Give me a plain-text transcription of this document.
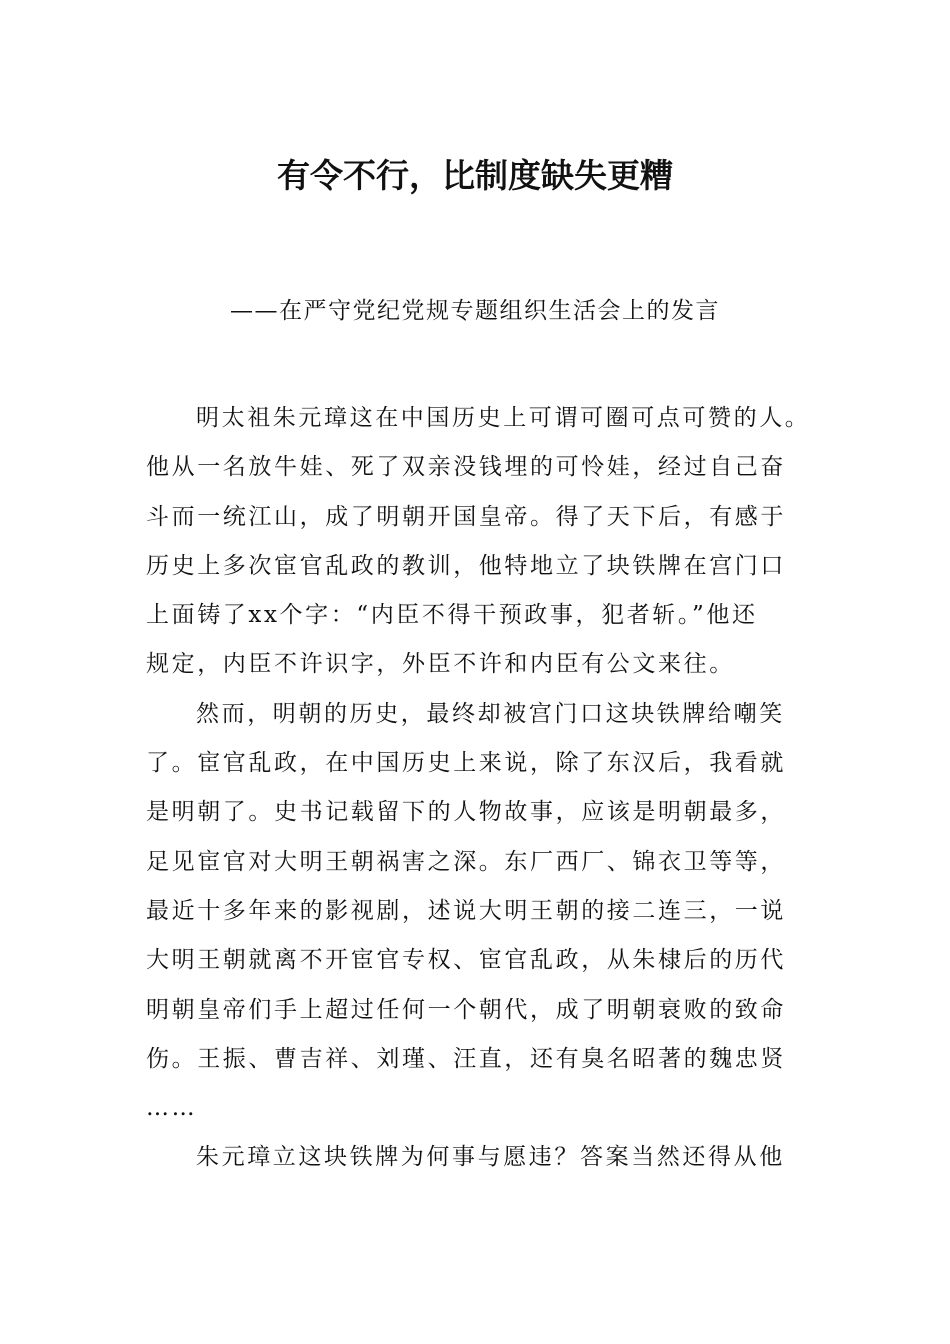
有令不行，比制度缺失更糟

——在严守党纪党规专题组织生活会上的发言

明太祖朱元璋这在中国历史上可谓可圈可点可赞的人。
他从一名放牛娃、死了双亲没钱埋的可怜娃，经过自己奋
斗而一统江山，成了明朝开国皇帝。得了天下后，有感于
历史上多次宦官乱政的教训，他特地立了块铁牌在宫门口
上面铸了xx个字：“内臣不得干预政事，犯者斩。”他还
规定，内臣不许识字，外臣不许和内臣有公文来往。
然而，明朝的历史，最终却被宫门口这块铁牌给嘲笑
了。宦官乱政，在中国历史上来说，除了东汉后，我看就
是明朝了。史书记载留下的人物故事，应该是明朝最多，
足见宦官对大明王朝祸害之深。东厂西厂、锦衣卫等等，
最近十多年来的影视剧，述说大明王朝的接二连三，一说
大明王朝就离不开宦官专权、宦官乱政，从朱棣后的历代
明朝皇帝们手上超过任何一个朝代，成了明朝衰败的致命
伤。王振、曹吉祥、刘瑾、汪直，还有臭名昭著的魏忠贤
……
朱元璋立这块铁牌为何事与愿违？答案当然还得从他
